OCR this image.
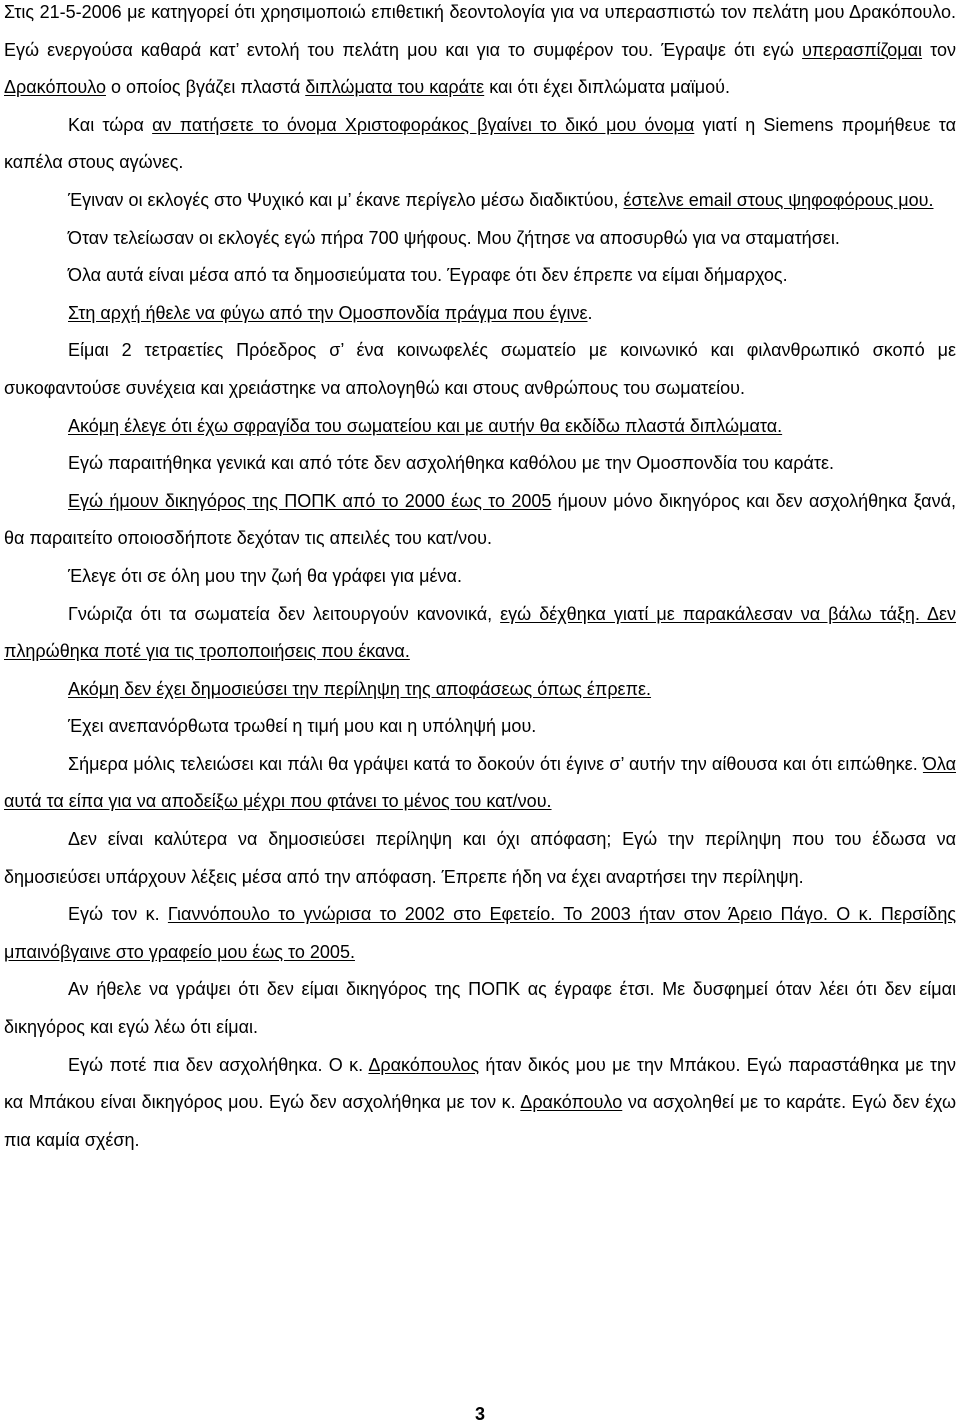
Στις 21-5-2006 με κατηγορεί ότι χρησιμοποιώ επιθετική δεοντολογία για να υπερασπιστώ τον πελάτη μου Δρακόπουλο. Εγώ ενεργούσα καθαρά κατ’ εντολή του πελάτη μου και για το συμφέρον του. Έγραψε ότι εγώ υπερασπίζομαι τον Δρακόπουλο ο οποίος βγάζει πλαστά διπλώματα του καράτε και ότι έχει διπλώματα μαϊμού.

Και τώρα αν πατήσετε το όνομα Χριστοφοράκος βγαίνει το δικό μου όνομα γιατί η Siemens προμήθευε τα καπέλα στους αγώνες.

Έγιναν οι εκλογές στο Ψυχικό και μ’ έκανε περίγελο μέσω διαδικτύου, έστελνε email στους ψηφοφόρους μου.

Όταν τελείωσαν οι εκλογές εγώ πήρα 700 ψήφους. Μου ζήτησε να αποσυρθώ για να σταματήσει.

Όλα αυτά είναι μέσα από τα δημοσιεύματα του. Έγραφε ότι δεν έπρεπε να είμαι δήμαρχος.

Στη αρχή ήθελε να φύγω από την Ομοσπονδία πράγμα που έγινε.

Είμαι 2 τετραετίες Πρόεδρος σ’ ένα κοινωφελές σωματείο με κοινωνικό και φιλανθρωπικό σκοπό με συκοφαντούσε συνέχεια και χρειάστηκε να απολογηθώ και στους ανθρώπους του σωματείου.

Ακόμη έλεγε ότι έχω σφραγίδα του σωματείου και με αυτήν θα εκδίδω πλαστά διπλώματα.

Εγώ παραιτήθηκα γενικά και από τότε δεν ασχολήθηκα καθόλου με την Ομοσπονδία του καράτε.

Εγώ ήμουν δικηγόρος της ΠΟΠΚ από το 2000 έως το 2005 ήμουν μόνο δικηγόρος και δεν ασχολήθηκα ξανά, θα παραιτείτο οποιοσδήποτε δεχόταν τις απειλές του κατ/νου.

Έλεγε ότι σε όλη μου την ζωή θα γράφει για μένα.

Γνώριζα ότι τα σωματεία δεν λειτουργούν κανονικά, εγώ δέχθηκα γιατί με παρακάλεσαν να βάλω τάξη. Δεν πληρώθηκα ποτέ για τις τροποποιήσεις που έκανα.

Ακόμη δεν έχει δημοσιεύσει την περίληψη της αποφάσεως όπως έπρεπε.

Έχει ανεπανόρθωτα τρωθεί η τιμή μου και η υπόληψή μου.

Σήμερα μόλις τελειώσει και πάλι θα γράψει κατά το δοκούν ότι έγινε σ’ αυτήν την αίθουσα και ότι ειπώθηκε. Όλα αυτά τα είπα για να αποδείξω μέχρι που φτάνει το μένος του κατ/νου.

Δεν είναι καλύτερα να δημοσιεύσει περίληψη και όχι απόφαση; Εγώ την περίληψη που του έδωσα να δημοσιεύσει υπάρχουν λέξεις μέσα από την απόφαση. Έπρεπε ήδη να έχει αναρτήσει την περίληψη.

Εγώ τον κ. Γιαννόπουλο το γνώρισα το 2002 στο Εφετείο. Το 2003 ήταν στον Άρειο Πάγο. Ο κ. Περσίδης μπαινόβγαινε στο γραφείο μου έως το 2005.

Αν ήθελε να γράψει ότι δεν είμαι δικηγόρος της ΠΟΠΚ ας έγραφε έτσι. Με δυσφημεί όταν λέει ότι δεν είμαι δικηγόρος και εγώ λέω ότι είμαι.

Εγώ ποτέ πια δεν ασχολήθηκα. Ο κ. Δρακόπουλος ήταν δικός μου με την Μπάκου. Εγώ παραστάθηκα με την κα Μπάκου είναι δικηγόρος μου. Εγώ δεν ασχολήθηκα με τον κ. Δρακόπουλο να ασχοληθεί με το καράτε. Εγώ δεν έχω πια καμία σχέση.

3
